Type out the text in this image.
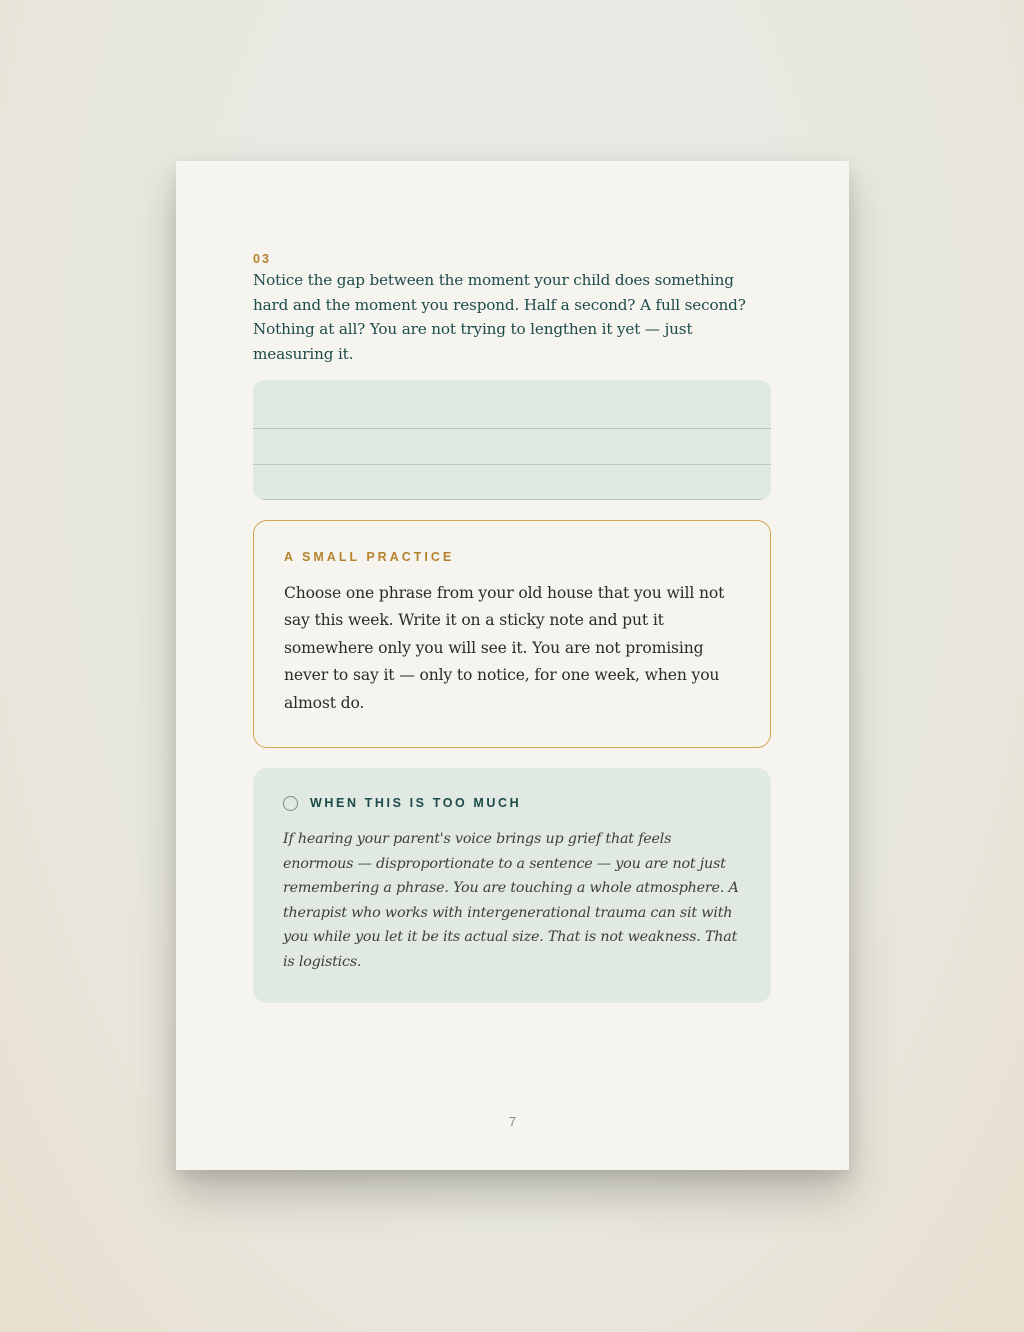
03

Notice the gap between the moment your child does something hard and the moment you respond. Half a second? A full second? Nothing at all? You are not trying to lengthen it yet — just measuring it.

A SMALL PRACTICE

Choose one phrase from your old house that you will not say this week. Write it on a sticky note and put it somewhere only you will see it. You are not promising never to say it — only to notice, for one week, when you almost do.

WHEN THIS IS TOO MUCH

If hearing your parent's voice brings up grief that feels enormous — disproportionate to a sentence — you are not just remembering a phrase. You are touching a whole atmosphere. A therapist who works with intergenerational trauma can sit with you while you let it be its actual size. That is not weakness. That is logistics.

7
